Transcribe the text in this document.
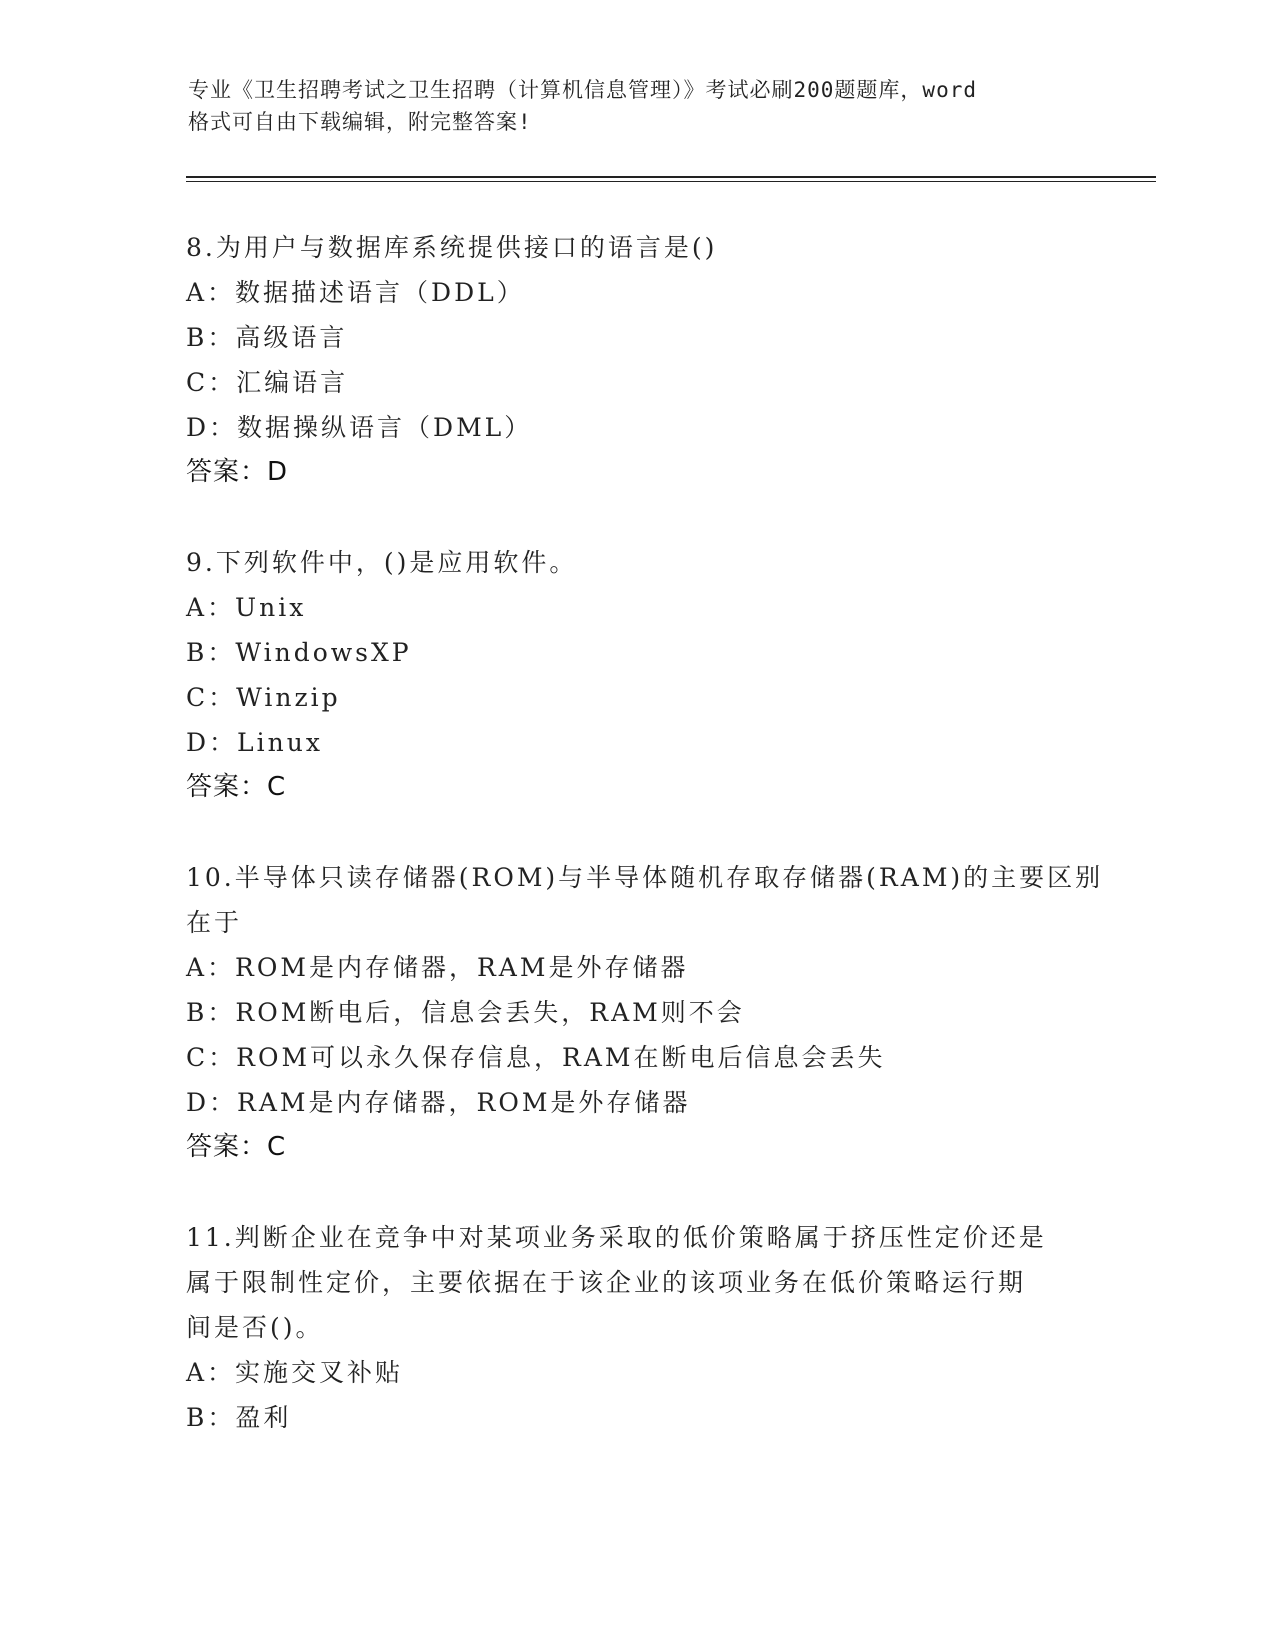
专业《卫生招聘考试之卫生招聘（计算机信息管理）》考试必刷200题题库，word
格式可自由下载编辑，附完整答案!
8.为用户与数据库系统提供接口的语言是()
A：数据描述语言（DDL）
B：高级语言
C：汇编语言
D：数据操纵语言（DML）
答案：D
9.下列软件中，()是应用软件。
A：Unix
B：WindowsXP
C：Winzip
D：Linux
答案：C
10.半导体只读存储器(ROM)与半导体随机存取存储器(RAM)的主要区别
在于
A：ROM是内存储器，RAM是外存储器
B：ROM断电后，信息会丢失，RAM则不会
C：ROM可以永久保存信息，RAM在断电后信息会丢失
D：RAM是内存储器，ROM是外存储器
答案：C
11.判断企业在竞争中对某项业务采取的低价策略属于挤压性定价还是
属于限制性定价，主要依据在于该企业的该项业务在低价策略运行期
间是否()。
A：实施交叉补贴
B：盈利
